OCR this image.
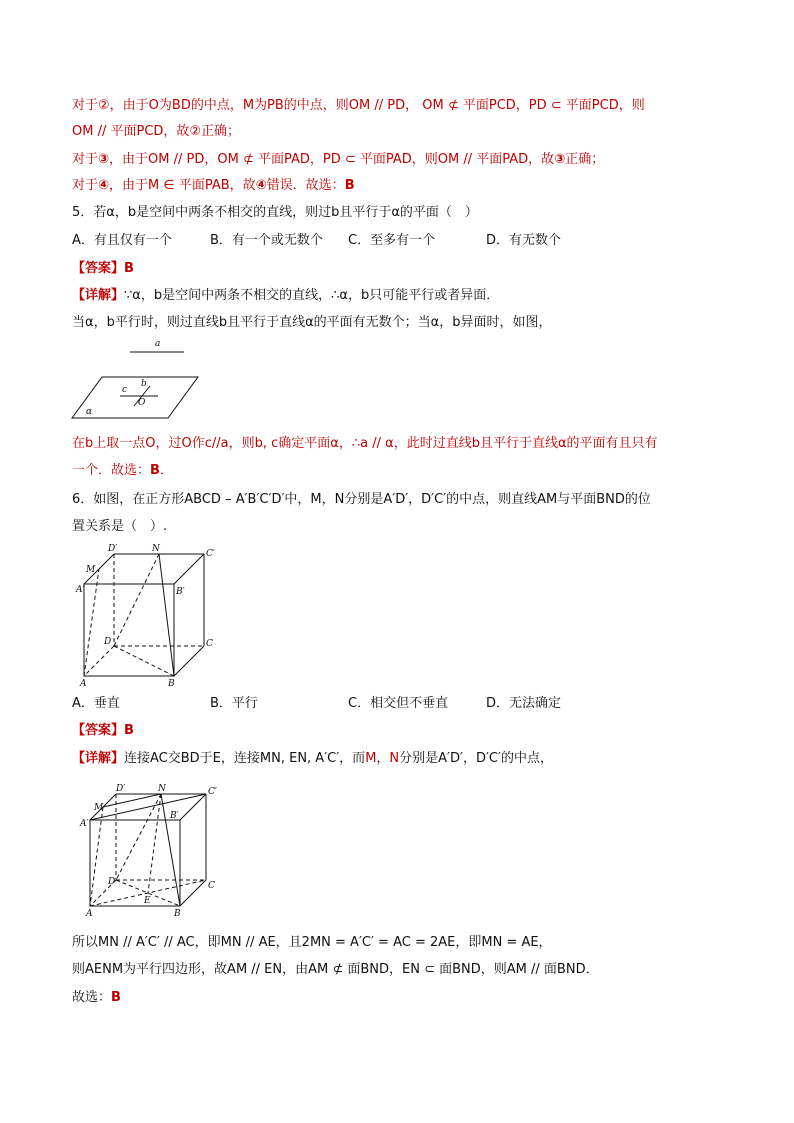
对于②，由于O为BD的中点，M为PB的中点，则OM // PD， OM ⊄ 平面PCD，PD ⊂ 平面PCD，则
OM // 平面PCD，故②正确；
对于③，由于OM // PD，OM ⊄ 平面PAD，PD ⊂ 平面PAD，则OM // 平面PAD，故③正确；
对于④，由于M ∈ 平面PAB，故④错误．故选：B
5．若α，b是空间中两条不相交的直线，则过b且平行于α的平面（　）
A．有且仅有一个	B．有一个或无数个 C．至多有一个	D．有无数个
【答案】B
【详解】∵α，b是空间中两条不相交的直线，∴α，b只可能平行或者异面．
当α，b平行时，则过直线b且平行于直线α的平面有无数个；当α，b异面时，如图，
a
c
b
O
α
在b上取一点O，过O作c//a，则b, c确定平面α，∴a // α，此时过直线b且平行于直线α的平面有且只有
一个．故选：B．
6．如图，在正方形ABCD – A′B′C′D′中，M，N分别是A′D′，D′C′的中点，则直线AM与平面BND的位
置关系是（　）.
A′	B′
C′
D′
M
N
D	C
A	B
A．垂直	B．平行	C．相交但不垂直	D．无法确定
【答案】B
【详解】连接AC交BD于E，连接MN, EN, A′C′，而M，N分别是A′D′，D′C′的中点，
A′
B′
C′
D′
M
N
D	C
A	B
E
所以MN // A′C′ // AC，即MN // AE，且2MN = A′C′ = AC = 2AE，即MN = AE，
则AENM为平行四边形，故AM // EN，由AM ⊄ 面BND，EN ⊂ 面BND，则AM // 面BND．
故选：B
